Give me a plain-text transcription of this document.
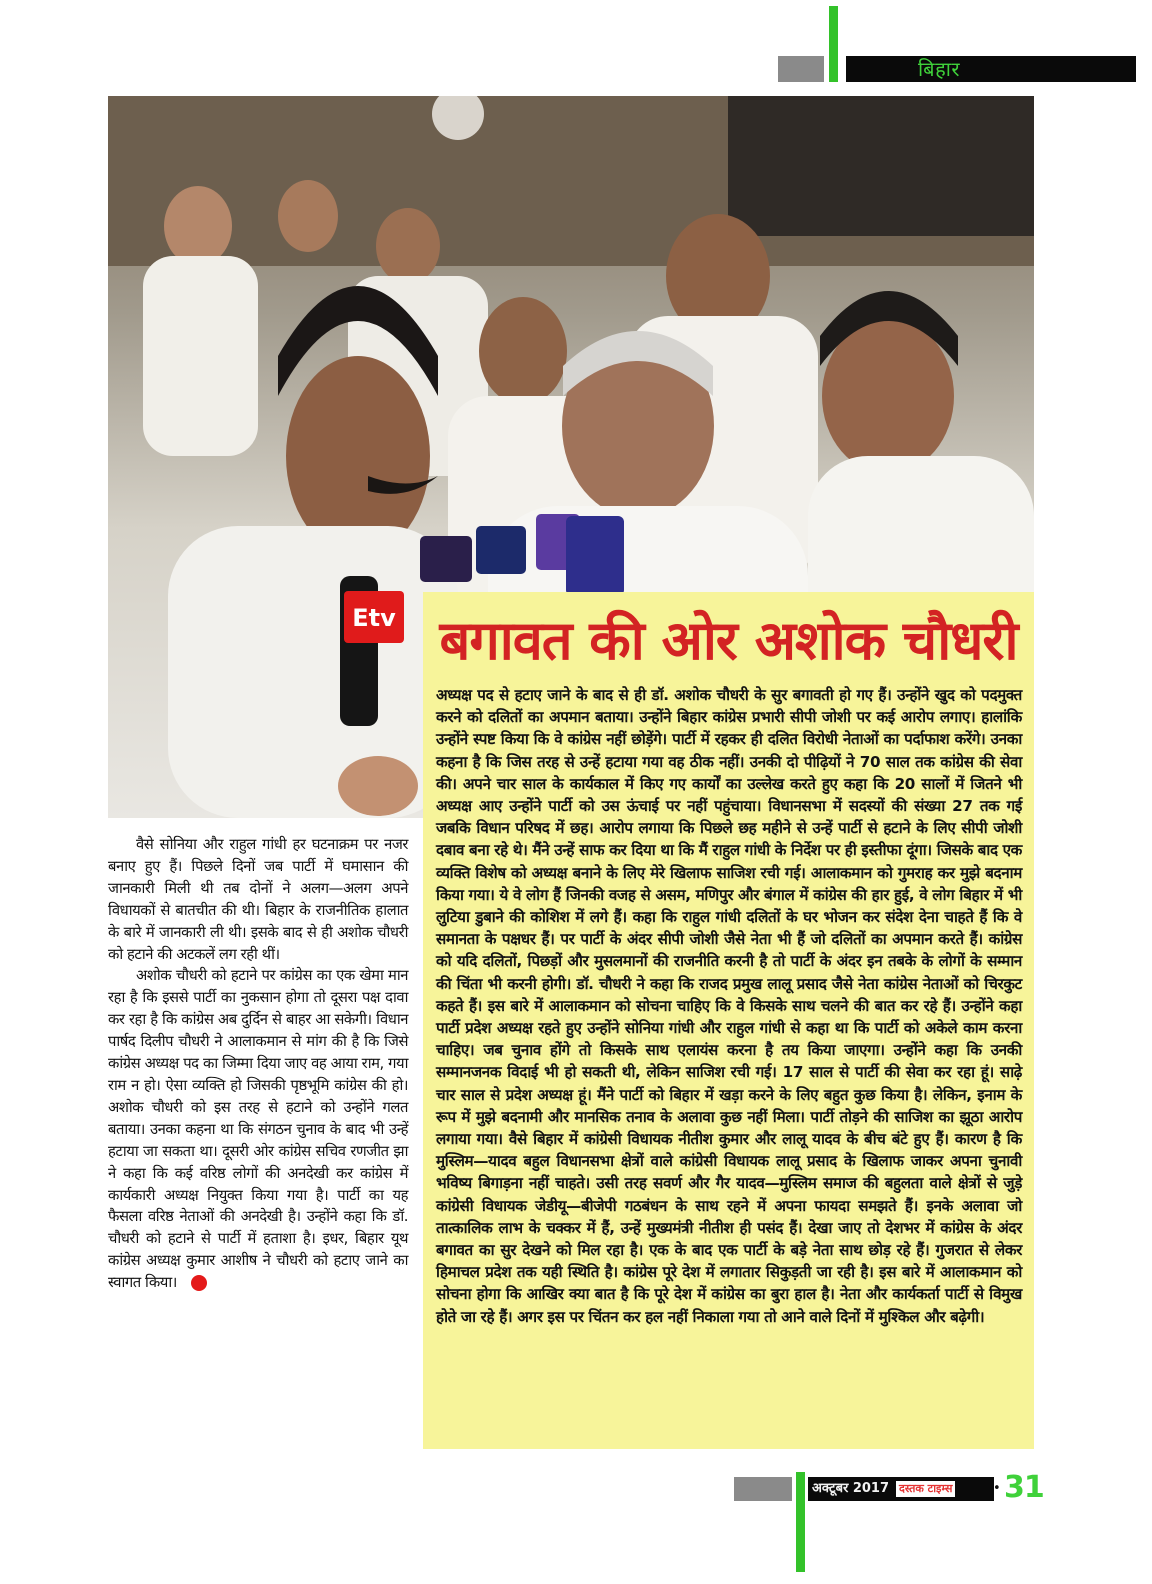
बिहार
Etv बगावत की ओर अशोक चौधरी
अध्यक्ष पद से हटाए जाने के बाद से ही डॉ. अशोक चौधरी के सुर बगावती हो गए हैं। उन्होंने खुद को पदमुक्त करने को दलितों का अपमान बताया। उन्होंने बिहार कांग्रेस प्रभारी सीपी जोशी पर कई आरोप लगाए। हालांकि उन्होंने स्पष्ट किया कि वे कांग्रेस नहीं छोड़ेंगे। पार्टी में रहकर ही दलित विरोधी नेताओं का पर्दाफाश करेंगे। उनका कहना है कि जिस तरह से उन्हें हटाया गया वह ठीक नहीं। उनकी दो पीढ़ियों ने 70 साल तक कांग्रेस की सेवा की। अपने चार साल के कार्यकाल में किए गए कार्यों का उल्लेख करते हुए कहा कि 20 सालों में जितने भी अध्यक्ष आए उन्होंने पार्टी को उस ऊंचाई पर नहीं पहुंचाया। विधानसभा में सदस्यों की संख्या 27 तक गई जबकि विधान परिषद में छह। आरोप लगाया कि पिछले छह महीने से उन्हें पार्टी से हटाने के लिए सीपी जोशी दबाव बना रहे थे। मैंने उन्हें साफ कर दिया था कि मैं राहुल गांधी के निर्देश पर ही इस्तीफा दूंगा। जिसके बाद एक व्यक्ति विशेष को अध्यक्ष बनाने के लिए मेरे खिलाफ साजिश रची गई। आलाकमान को गुमराह कर मुझे बदनाम किया गया। ये वे लोग हैं जिनकी वजह से असम, मणिपुर और बंगाल में कांग्रेस की हार हुई, वे लोग बिहार में भी लुटिया डुबाने की कोशिश में लगे हैं। कहा कि राहुल गांधी दलितों के घर भोजन कर संदेश देना चाहते हैं कि वे समानता के पक्षधर हैं। पर पार्टी के अंदर सीपी जोशी जैसे नेता भी हैं जो दलितों का अपमान करते हैं। कांग्रेस को यदि दलितों, पिछड़ों और मुसलमानों की राजनीति करनी है तो पार्टी के अंदर इन तबके के लोगों के सम्मान की चिंता भी करनी होगी। डॉ. चौधरी ने कहा कि राजद प्रमुख लालू प्रसाद जैसे नेता कांग्रेस नेताओं को चिरकुट कहते हैं। इस बारे में आलाकमान को सोचना चाहिए कि वे किसके साथ चलने की बात कर रहे हैं। उन्होंने कहा पार्टी प्रदेश अध्यक्ष रहते हुए उन्होंने सोनिया गांधी और राहुल गांधी से कहा था कि पार्टी को अकेले काम करना चाहिए। जब चुनाव होंगे तो किसके साथ एलायंस करना है तय किया जाएगा। उन्होंने कहा कि उनकी सम्मानजनक विदाई भी हो सकती थी, लेकिन साजिश रची गई। 17 साल से पार्टी की सेवा कर रहा हूं। साढ़े चार साल से प्रदेश अध्यक्ष हूं। मैंने पार्टी को बिहार में खड़ा करने के लिए बहुत कुछ किया है। लेकिन, इनाम के रूप में मुझे बदनामी और मानसिक तनाव के अलावा कुछ नहीं मिला। पार्टी तोड़ने की साजिश का झूठा आरोप लगाया गया। वैसे बिहार में कांग्रेसी विधायक नीतीश कुमार और लालू यादव के बीच बंटे हुए हैं। कारण है कि मुस्लिम—यादव बहुल विधानसभा क्षेत्रों वाले कांग्रेसी विधायक लालू प्रसाद के खिलाफ जाकर अपना चुनावी भविष्य बिगाड़ना नहीं चाहते। उसी तरह सवर्ण और गैर यादव—मुस्लिम समाज की बहुलता वाले क्षेत्रों से जुड़े कांग्रेसी विधायक जेडीयू—बीजेपी गठबंधन के साथ रहने में अपना फायदा समझते हैं। इनके अलावा जो तात्कालिक लाभ के चक्कर में हैं, उन्हें मुख्यमंत्री नीतीश ही पसंद हैं। देखा जाए तो देशभर में कांग्रेस के अंदर बगावत का सुर देखने को मिल रहा है। एक के बाद एक पार्टी के बड़े नेता साथ छोड़ रहे हैं। गुजरात से लेकर हिमाचल प्रदेश तक यही स्थिति है। कांग्रेस पूरे देश में लगातार सिकुड़ती जा रही है। इस बारे में आलाकमान को सोचना होगा कि आखिर क्या बात है कि पूरे देश में कांग्रेस का बुरा हाल है। नेता और कार्यकर्ता पार्टी से विमुख होते जा रहे हैं। अगर इस पर चिंतन कर हल नहीं निकाला गया तो आने वाले दिनों में मुश्किल और बढ़ेगी।

वैसे सोनिया और राहुल गांधी हर घटनाक्रम पर नजर बनाए हुए हैं। पिछले दिनों जब पार्टी में घमासान की जानकारी मिली थी तब दोनों ने अलग—अलग अपने विधायकों से बातचीत की थी। बिहार के राजनीतिक हालात के बारे में जानकारी ली थी। इसके बाद से ही अशोक चौधरी को हटाने की अटकलें लग रही थीं।

अशोक चौधरी को हटाने पर कांग्रेस का एक खेमा मान रहा है कि इससे पार्टी का नुकसान होगा तो दूसरा पक्ष दावा कर रहा है कि कांग्रेस अब दुर्दिन से बाहर आ सकेगी। विधान पार्षद दिलीप चौधरी ने आलाकमान से मांग की है कि जिसे कांग्रेस अध्यक्ष पद का जिम्मा दिया जाए वह आया राम, गया राम न हो। ऐसा व्यक्ति हो जिसकी पृष्ठभूमि कांग्रेस की हो। अशोक चौधरी को इस तरह से हटाने को उन्होंने गलत बताया। उनका कहना था कि संगठन चुनाव के बाद भी उन्हें हटाया जा सकता था। दूसरी ओर कांग्रेस सचिव रणजीत झा ने कहा कि कई वरिष्ठ लोगों की अनदेखी कर कांग्रेस में कार्यकारी अध्यक्ष नियुक्त किया गया है। पार्टी का यह फैसला वरिष्ठ नेताओं की अनदेखी है। उन्होंने कहा कि डॉ. चौधरी को हटाने से पार्टी में हताशा है। इधर, बिहार यूथ कांग्रेस अध्यक्ष कुमार आशीष ने चौधरी को हटाए जाने का स्वागत किया।

अक्टूबर 2017 दस्तक टाइम्स	• 31
